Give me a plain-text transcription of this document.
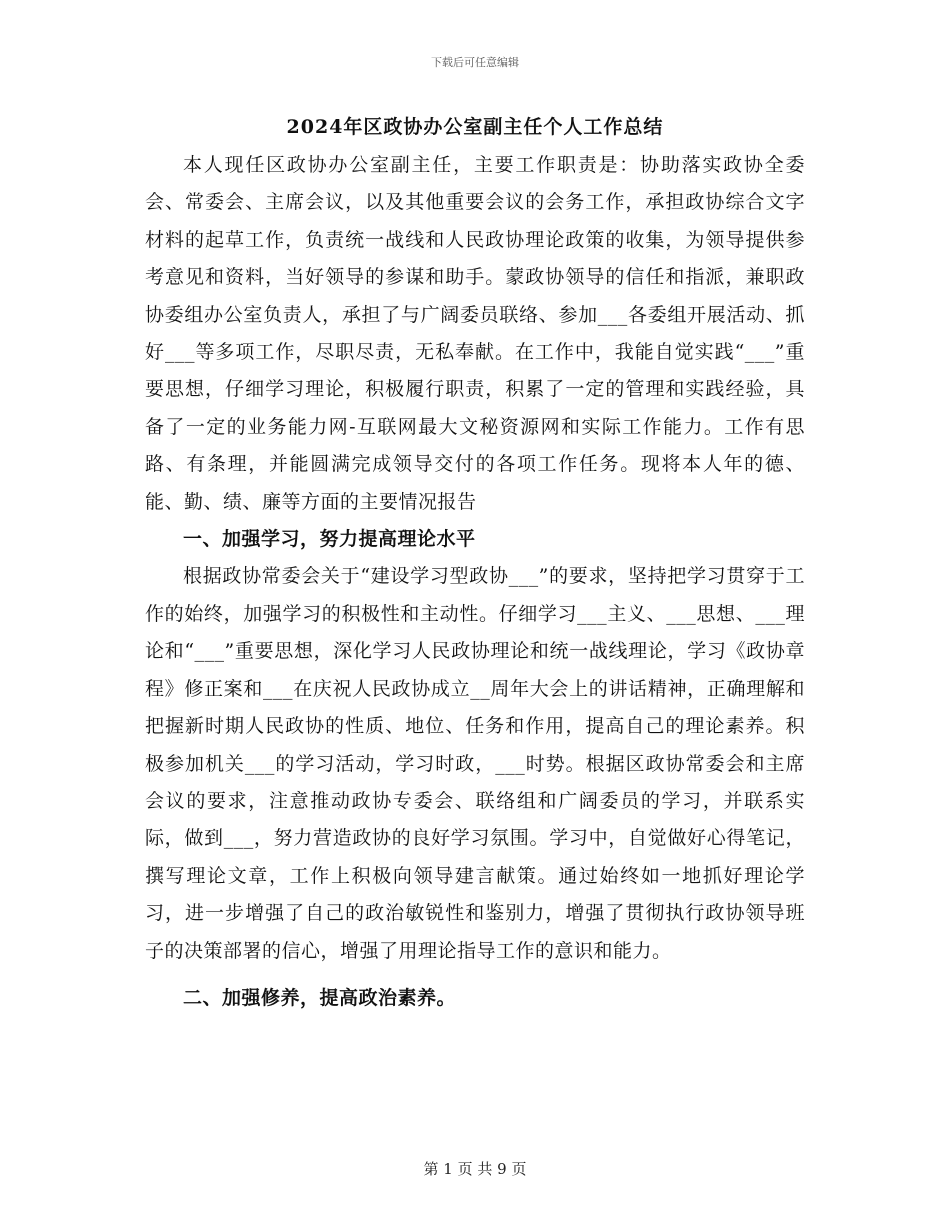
下载后可任意编辑
2024年区政协办公室副主任个人工作总结

本人现任区政协办公室副主任，主要工作职责是：协助落实政协全委会、常委会、主席会议，以及其他重要会议的会务工作，承担政协综合文字材料的起草工作，负责统一战线和人民政协理论政策的收集，为领导提供参考意见和资料，当好领导的参谋和助手。蒙政协领导的信任和指派，兼职政协委组办公室负责人，承担了与广阔委员联络、参加___各委组开展活动、抓好___等多项工作，尽职尽责，无私奉献。在工作中，我能自觉实践“___”重要思想，仔细学习理论，积极履行职责，积累了一定的管理和实践经验，具备了一定的业务能力网-互联网最大文秘资源网和实际工作能力。工作有思路、有条理，并能圆满完成领导交付的各项工作任务。现将本人年的德、能、勤、绩、廉等方面的主要情况报告

一、加强学习，努力提高理论水平

根据政协常委会关于“建设学习型政协___”的要求，坚持把学习贯穿于工作的始终，加强学习的积极性和主动性。仔细学习___主义、___思想、___理论和“___”重要思想，深化学习人民政协理论和统一战线理论，学习《政协章程》修正案和___在庆祝人民政协成立__周年大会上的讲话精神，正确理解和把握新时期人民政协的性质、地位、任务和作用，提高自己的理论素养。积极参加机关___的学习活动，学习时政，___时势。根据区政协常委会和主席会议的要求，注意推动政协专委会、联络组和广阔委员的学习，并联系实际，做到___，努力营造政协的良好学习氛围。学习中，自觉做好心得笔记，撰写理论文章，工作上积极向领导建言献策。通过始终如一地抓好理论学习，进一步增强了自己的政治敏锐性和鉴别力，增强了贯彻执行政协领导班子的决策部署的信心，增强了用理论指导工作的意识和能力。

二、加强修养，提高政治素养。
第 1 页 共 9 页
